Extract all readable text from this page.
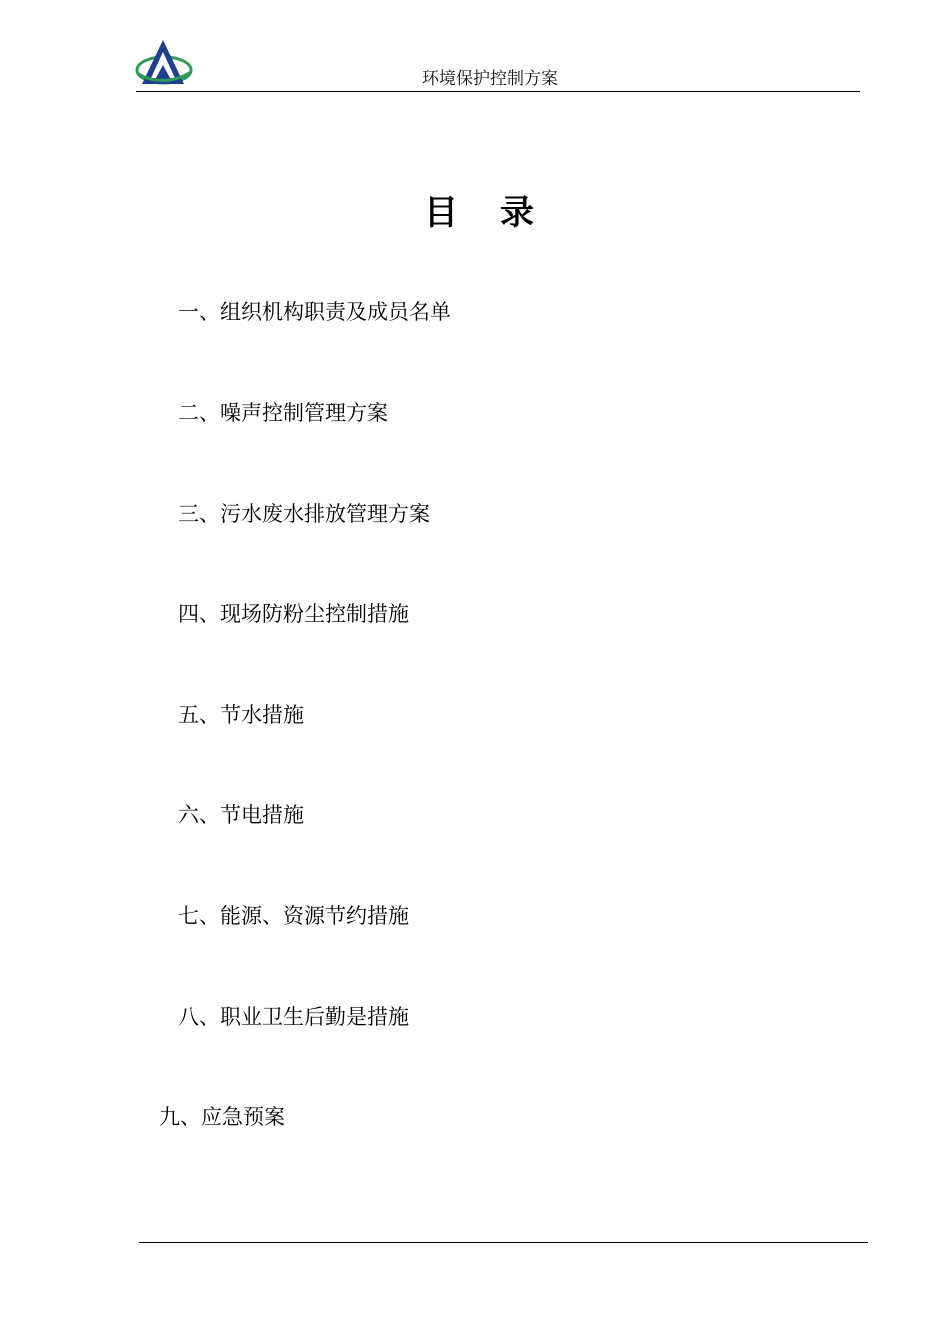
环境保护控制方案
目录
一、组织机构职责及成员名单
二、噪声控制管理方案
三、污水废水排放管理方案
四、现场防粉尘控制措施
五、节水措施
六、节电措施
七、能源、资源节约措施
八、职业卫生后勤是措施
九、应急预案
